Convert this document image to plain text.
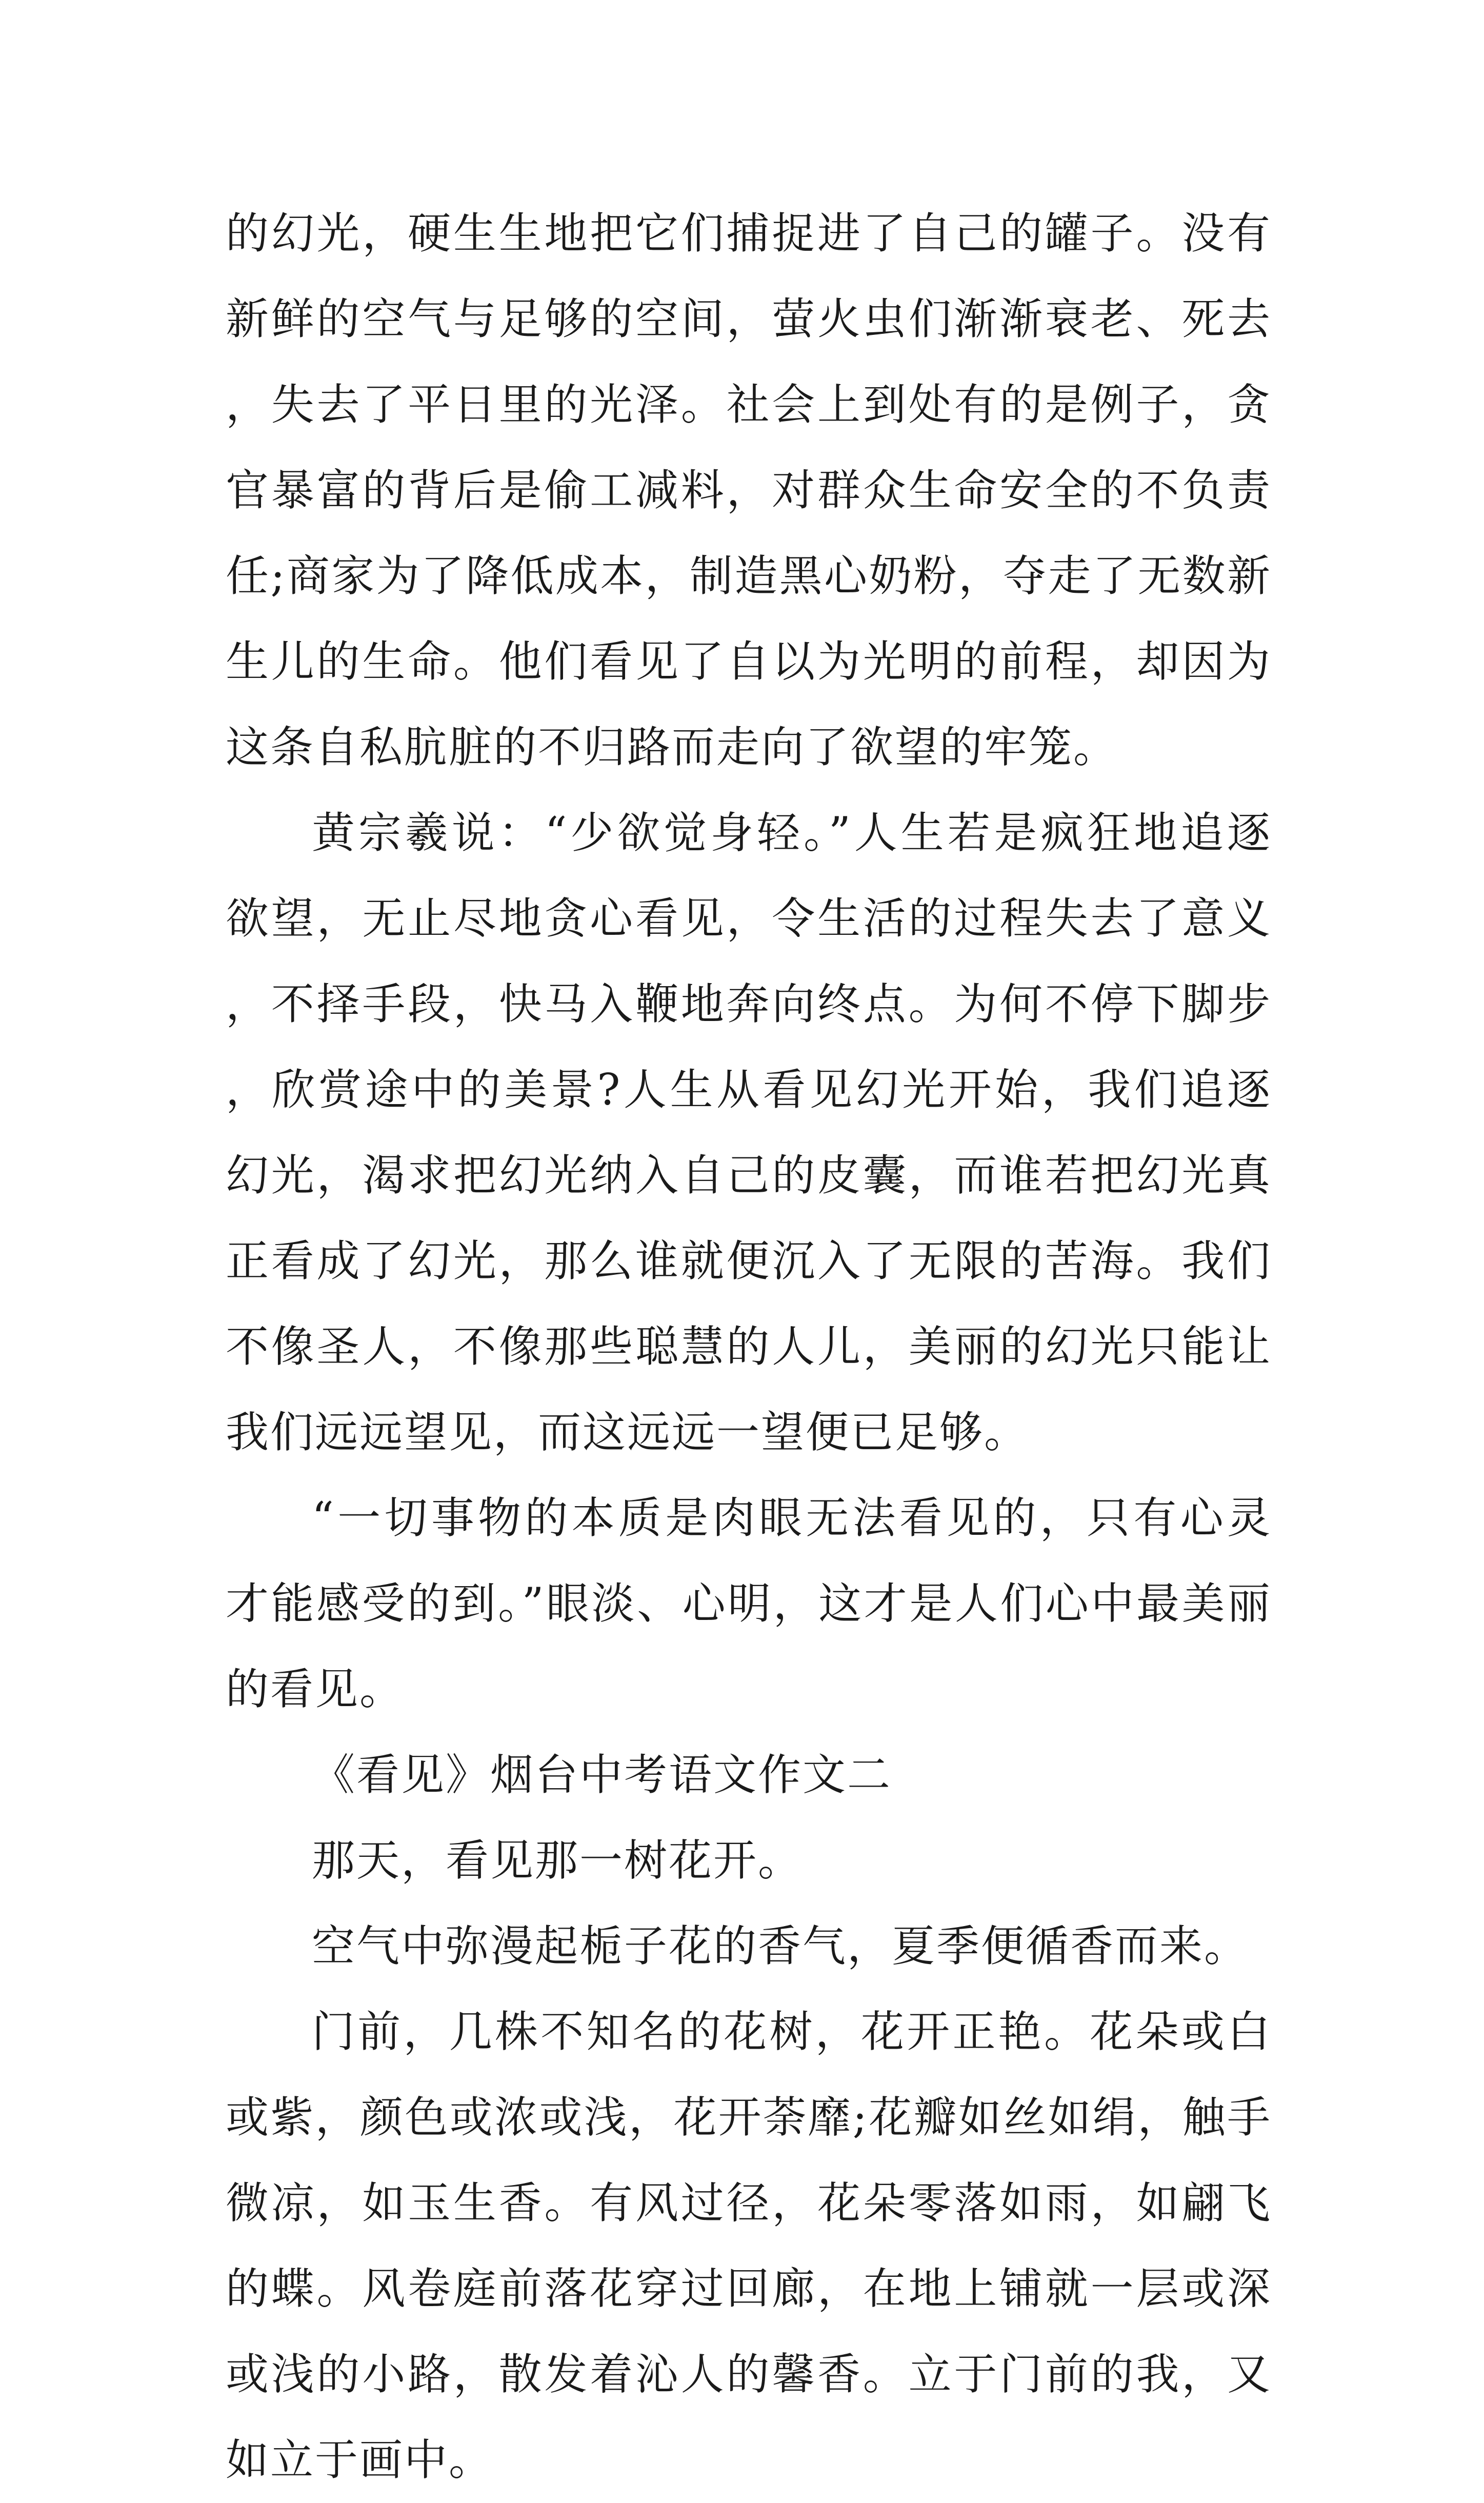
的幻光，硬生生地把它们捕捉进了自己的罐子。没有新鲜的空气与足够的空间，萤火虫们渐渐衰老、死去，失去了平日里的光泽。社会上到处有的是例子，贪官暴富的背后是偷工减料，对群众生命安全的不负责任;商家为了降低成本，制造黑心奶粉，夺走了无数新生儿的生命。他们看见了自以为光明的前程，却因为这条自私肮脏的不归路而走向了欲望的牢笼。

黄宗羲说：“少欲觉身轻。”人生若是疯狂地追逐欲望，无止尽地贪心看见，令生活的过程失去了意义，不择手段，快马入鞭地奔向终点。为何不停下脚步，欣赏途中的美景?人生从看见幻光开始，我们追逐幻光，渴求把幻光纳入自己的皮囊，而谁若把幻光真正看成了幻光，那么谁就便沉入了无限的苦海。我们不像圣人，不像那些聪慧的人儿，美丽的幻光只能让我们远远望见，而这远远一望便已足够。

“一切事物的本质是肉眼无法看见的，只有心灵才能感受的到。”眼淡、心明，这才是人们心中最美丽的看见。

《看见》烟台中考语文作文二

那天，看见那一树花开。

空气中弥漫起栀子花的香气，夏季便循香而来。

门前，几株不知名的花树，花开正艳。花朵或白或紫，颜色或浓或浅，花开荼靡;花瓣如丝如绢，触手微凉，如玉生香。有风过径，花朵零落如雨，如翩飞的蝶。风卷庭前落花穿过回廊，在地上铺就一层或深或浅的小路，散发着沁人的馨香。立于门前的我，又如立于画中。
